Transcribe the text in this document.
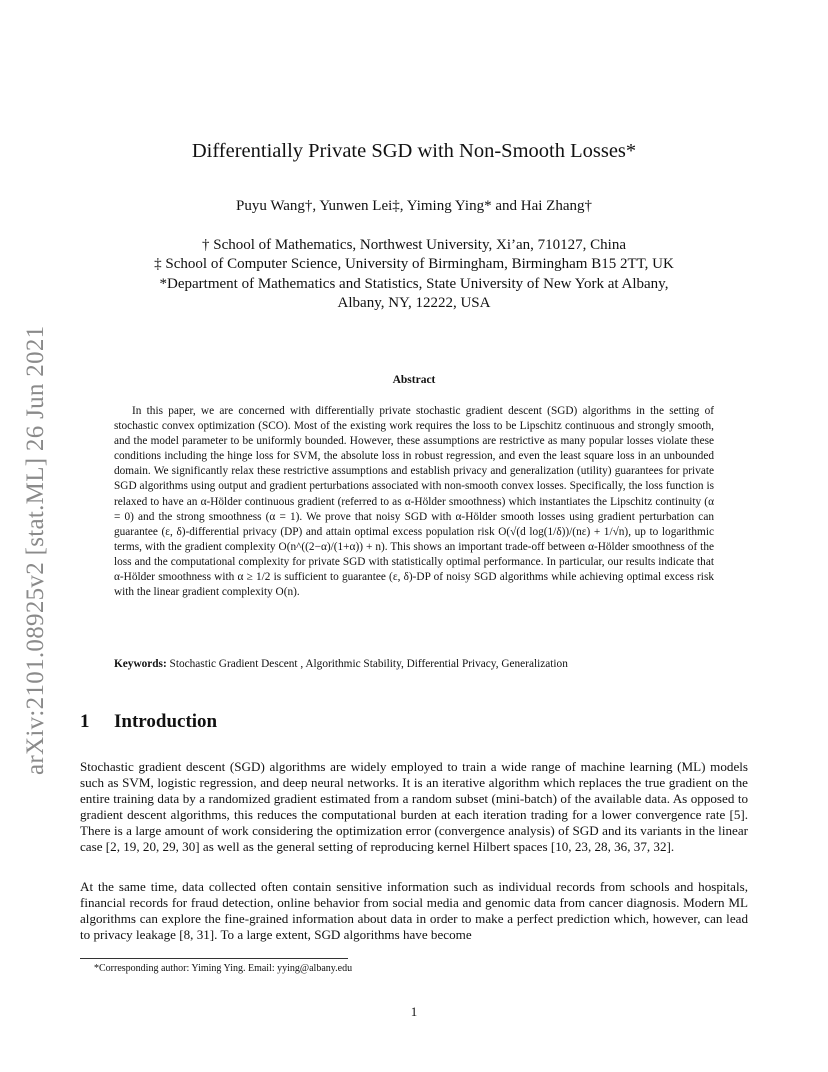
arXiv:2101.08925v2 [stat.ML] 26 Jun 2021
Differentially Private SGD with Non-Smooth Losses*
Puyu Wang†, Yunwen Lei‡, Yiming Ying* and Hai Zhang†
† School of Mathematics, Northwest University, Xi’an, 710127, China
‡ School of Computer Science, University of Birmingham, Birmingham B15 2TT, UK
*Department of Mathematics and Statistics, State University of New York at Albany,
Albany, NY, 12222, USA
Abstract

In this paper, we are concerned with differentially private stochastic gradient descent (SGD) algorithms in the setting of stochastic convex optimization (SCO). Most of the existing work requires the loss to be Lipschitz continuous and strongly smooth, and the model parameter to be uniformly bounded. However, these assumptions are restrictive as many popular losses violate these conditions including the hinge loss for SVM, the absolute loss in robust regression, and even the least square loss in an unbounded domain. We significantly relax these restrictive assumptions and establish privacy and generalization (utility) guarantees for private SGD algorithms using output and gradient perturbations associated with non-smooth convex losses. Specifically, the loss function is relaxed to have an α-Hölder continuous gradient (referred to as α-Hölder smoothness) which instantiates the Lipschitz continuity (α = 0) and the strong smoothness (α = 1). We prove that noisy SGD with α-Hölder smooth losses using gradient perturbation can guarantee (ε, δ)-differential privacy (DP) and attain optimal excess population risk O(√(d log(1/δ))/(nε) + 1/√n), up to logarithmic terms, with the gradient complexity O(n^((2−α)/(1+α)) + n). This shows an important trade-off between α-Hölder smoothness of the loss and the computational complexity for private SGD with statistically optimal performance. In particular, our results indicate that α-Hölder smoothness with α ≥ 1/2 is sufficient to guarantee (ε, δ)-DP of noisy SGD algorithms while achieving optimal excess risk with the linear gradient complexity O(n).

Keywords: Stochastic Gradient Descent , Algorithmic Stability, Differential Privacy, Generalization
1 Introduction

Stochastic gradient descent (SGD) algorithms are widely employed to train a wide range of machine learning (ML) models such as SVM, logistic regression, and deep neural networks. It is an iterative algorithm which replaces the true gradient on the entire training data by a randomized gradient estimated from a random subset (mini-batch) of the available data. As opposed to gradient descent algorithms, this reduces the computational burden at each iteration trading for a lower convergence rate [5]. There is a large amount of work considering the optimization error (convergence analysis) of SGD and its variants in the linear case [2, 19, 20, 29, 30] as well as the general setting of reproducing kernel Hilbert spaces [10, 23, 28, 36, 37, 32].

At the same time, data collected often contain sensitive information such as individual records from schools and hospitals, financial records for fraud detection, online behavior from social media and genomic data from cancer diagnosis. Modern ML algorithms can explore the fine-grained information about data in order to make a perfect prediction which, however, can lead to privacy leakage [8, 31]. To a large extent, SGD algorithms have become

*Corresponding author: Yiming Ying. Email: yying@albany.edu
1
